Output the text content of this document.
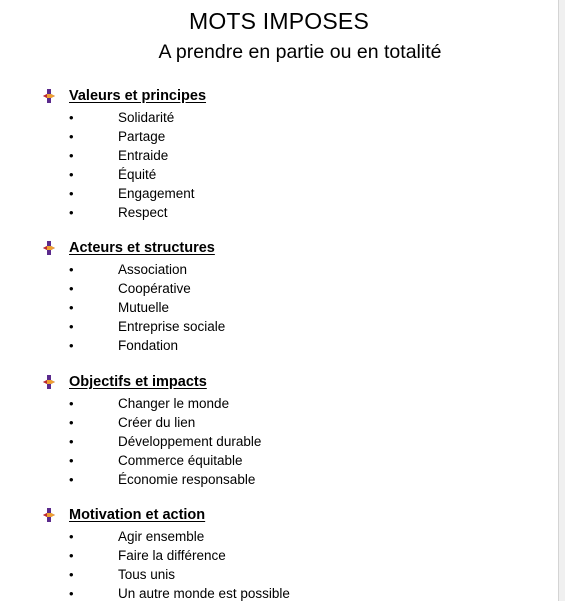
MOTS IMPOSES
A prendre en partie ou en totalité
Valeurs et principes
•	Solidarité
•	Partage
•	Entraide
•	Équité
•	Engagement
•	Respect
Acteurs et structures
•	Association
•	Coopérative
•	Mutuelle
•	Entreprise sociale
•	Fondation
Objectifs et impacts
•	Changer le monde
•	Créer du lien
•	Développement durable
•	Commerce équitable
•	Économie responsable
Motivation et action
•	Agir ensemble
•	Faire la différence
•	Tous unis
•	Un autre monde est possible
